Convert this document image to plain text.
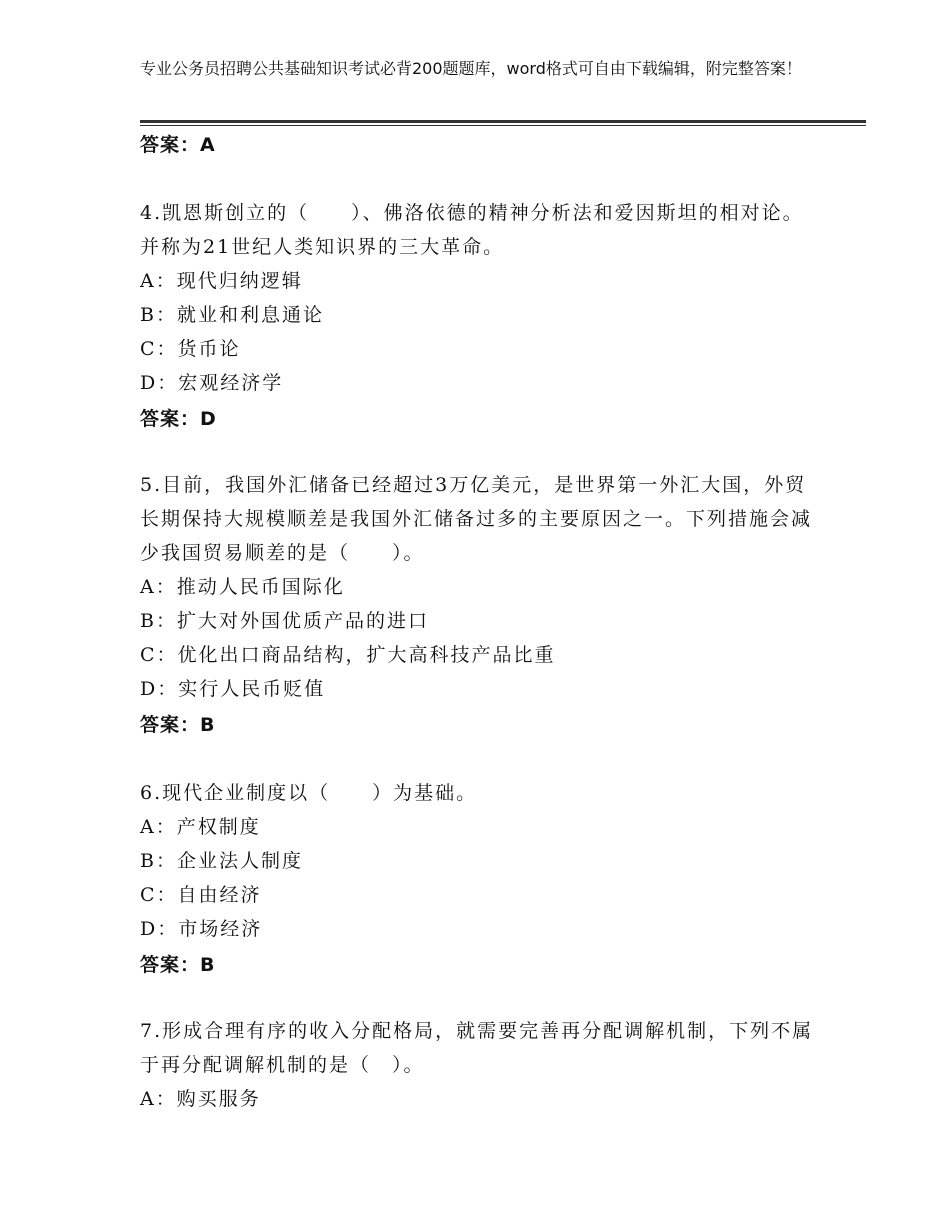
专业公务员招聘公共基础知识考试必背200题题库，word格式可自由下载编辑，附完整答案！
答案：A
4.凯恩斯创立的（　　）、佛洛依德的精神分析法和爱因斯坦的相对论。并称为21世纪人类知识界的三大革命。
A：现代归纳逻辑
B：就业和利息通论
C：货币论
D：宏观经济学
答案：D
5.目前，我国外汇储备已经超过3万亿美元，是世界第一外汇大国，外贸长期保持大规模顺差是我国外汇储备过多的主要原因之一。下列措施会减少我国贸易顺差的是（　　）。
A：推动人民币国际化
B：扩大对外国优质产品的进口
C：优化出口商品结构，扩大高科技产品比重
D：实行人民币贬值
答案：B
6.现代企业制度以（　　）为基础。
A：产权制度
B：企业法人制度
C：自由经济
D：市场经济
答案：B
7.形成合理有序的收入分配格局，就需要完善再分配调解机制，下列不属于再分配调解机制的是（　）。
A：购买服务
